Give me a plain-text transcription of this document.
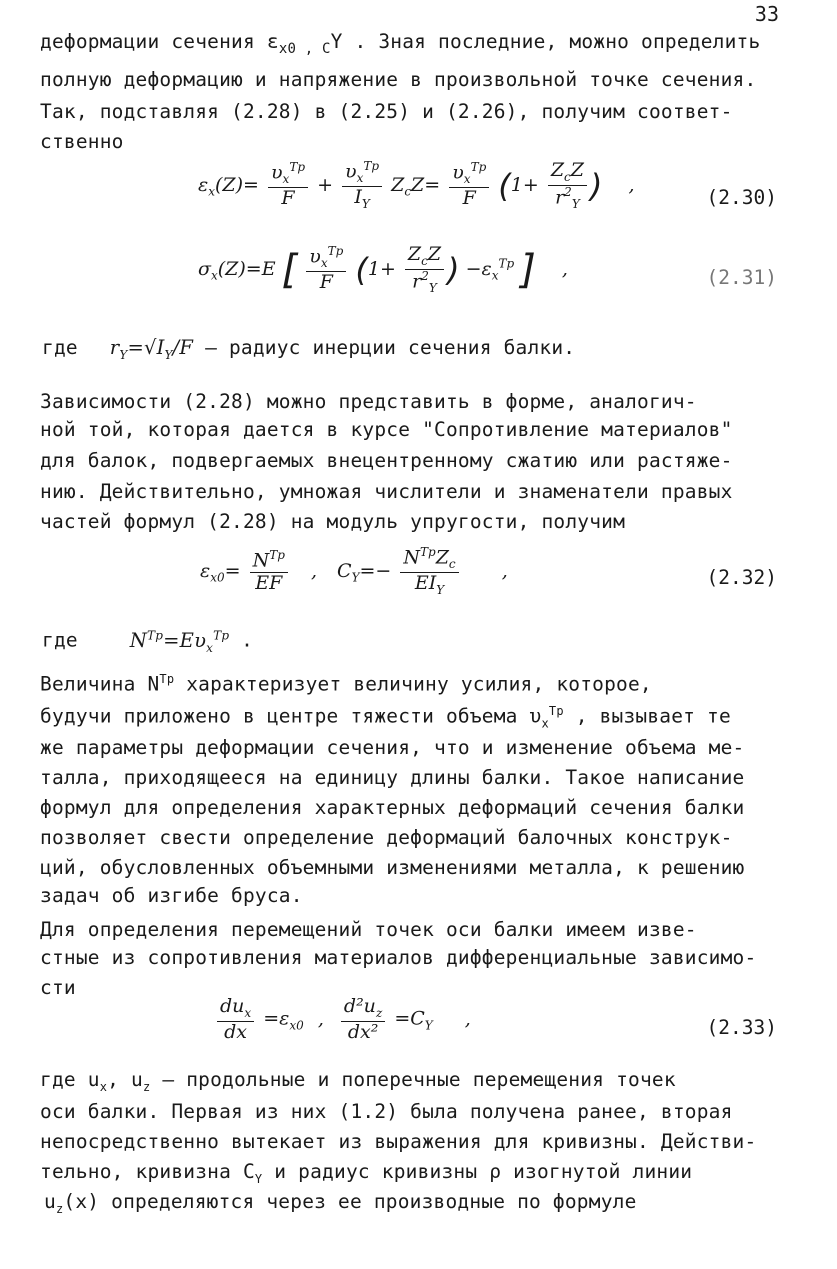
33
деформации сечения $\varepsilon_{x0 , C}Y$ . Зная последние, можно определить
полную деформацию и напряжение в произвольной точке сечения.
Так, подставляя (2.28) в (2.25) и (2.26), получим соответ-
ственно
$\varepsilon_x(Z)= \frac{\upsilon_x^{Тр}}{F} + \frac{\upsilon_x^{Тр}}{I_Y} Z_cZ= \frac{\upsilon_x^{Тр}}{F} (1+ \frac{Z_cZ}{r^2_Y}$ ) ,
(2.30)
$\sigma_x(Z)=E$ [ $\frac{\upsilon_x^{Тр}}{F} (1+ \frac{Z_cZ}{r^2_Y}$ ) $-\varepsilon_x^{Тр}$ ] ,	(2.31)
где $r_Y=√I_Y/F$ – радиус инерции сечения балки.
Зависимости (2.28) можно представить в форме, аналогич-
ной той, которая дается в курсе "Сопротивление материалов"
для балок, подвергаемых внецентренному сжатию или растяже-
нию. Действительно, умножая числители и знаменатели правых
частей формул (2.28) на модуль упругости, получим
$\varepsilon_{x0}= \frac{N^{Тр}}{EF}$ , $C_Y=- \frac{N^{Тр}Z_c}{EI_Y}$ ,	(2.32)
где	$N^{Тр}=E\upsilon_x^{Тр}$ .
Величина $N^{Тр}$ характеризует величину усилия, которое,
будучи приложено в центре тяжести объема $\upsilon_x^{Тр}$ , вызывает те
же параметры деформации сечения, что и изменение объема ме-
талла, приходящееся на единицу длины балки. Такое написание
формул для определения характерных деформаций сечения балки
позволяет свести определение деформаций балочных конструк-
ций, обусловленных объемными изменениями металла, к решению
задач об изгибе бруса.
Для определения перемещений точек оси балки имеем изве-
стные из сопротивления материалов дифференциальные зависимо-
сти
$\frac{du_x}{dx} =\varepsilon_{x0}$ , $\frac{d^2u_z}{\text{dx²}} =C_Y$ ,	(2.33)
где $u_x$, $u_z$ – продольные и поперечные перемещения точек
оси балки. Первая из них (1.2) была получена ранее, вторая
непосредственно вытекает из выражения для кривизны. Действи-
тельно, кривизна $C_Y$ и радиус кривизны ρ изогнутой линии
$u_z(x)$ определяются через ее производные по формуле
